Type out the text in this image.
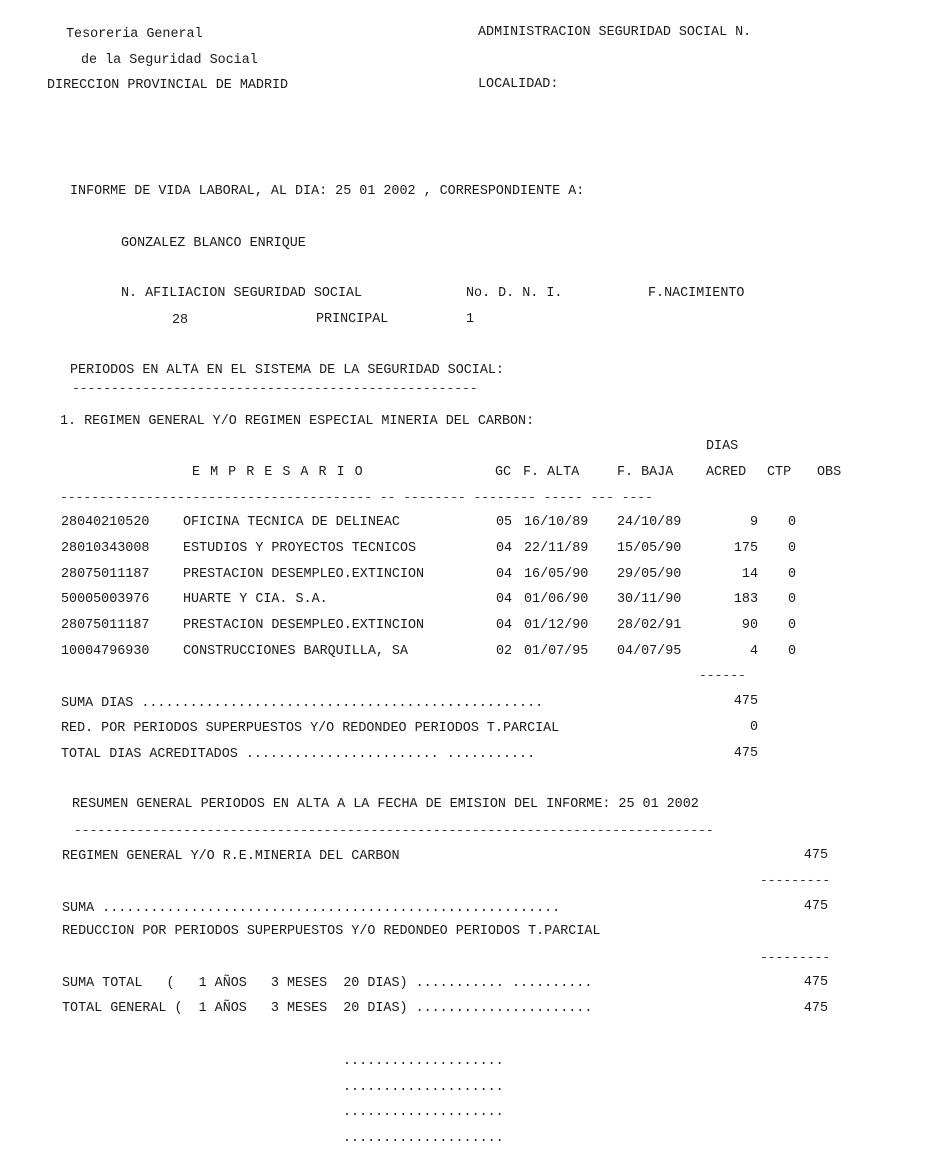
Tesoreria General
de la Seguridad Social
DIRECCION PROVINCIAL DE MADRID
ADMINISTRACION SEGURIDAD SOCIAL N.
LOCALIDAD:
INFORME DE VIDA LABORAL, AL DIA: 25 01 2002 , CORRESPONDIENTE A:
GONZALEZ BLANCO ENRIQUE
N. AFILIACION SEGURIDAD SOCIAL	No. D. N. I.	F.NACIMIENTO
28	PRINCIPAL	1
PERIODOS EN ALTA EN EL SISTEMA DE LA SEGURIDAD SOCIAL:
----------------------------------------------------
1. REGIMEN GENERAL Y/O REGIMEN ESPECIAL MINERIA DEL CARBON:
DIAS
E M P R E S A R I O	GC F. ALTA	F. BAJA ACRED CTP OBS
---------------------------------------- -- -------- -------- ----- --- ----
28040210520	OFICINA TECNICA DE DELINEAC	05 16/10/89 24/10/89	9 0
28010343008	ESTUDIOS Y PROYECTOS TECNICOS	04 22/11/89 15/05/90	175 0
28075011187	PRESTACION DESEMPLEO.EXTINCION	04 16/05/90 29/05/90	14 0
50005003976	HUARTE Y CIA. S.A.	04 01/06/90 30/11/90	183 0
28075011187	PRESTACION DESEMPLEO.EXTINCION	04 01/12/90 28/02/91	90 0
10004796930	CONSTRUCCIONES BARQUILLA, SA	02 01/07/95 04/07/95	4 0
------
SUMA DIAS ..................................................	475
RED. POR PERIODOS SUPERPUESTOS Y/O REDONDEO PERIODOS T.PARCIAL	0
TOTAL DIAS ACREDITADOS ........................ ...........	475
RESUMEN GENERAL PERIODOS EN ALTA A LA FECHA DE EMISION DEL INFORME: 25 01 2002
----------------------------------------------------------------------------------
REGIMEN GENERAL Y/O R.E.MINERIA DEL CARBON	475
---------
SUMA .........................................................	475
REDUCCION POR PERIODOS SUPERPUESTOS Y/O REDONDEO PERIODOS T.PARCIAL
---------
SUMA TOTAL   (   1 AÑOS   3 MESES  20 DIAS) ........... ..........	475
TOTAL GENERAL (  1 AÑOS   3 MESES  20 DIAS) ......................	475
....................
....................
....................
....................
